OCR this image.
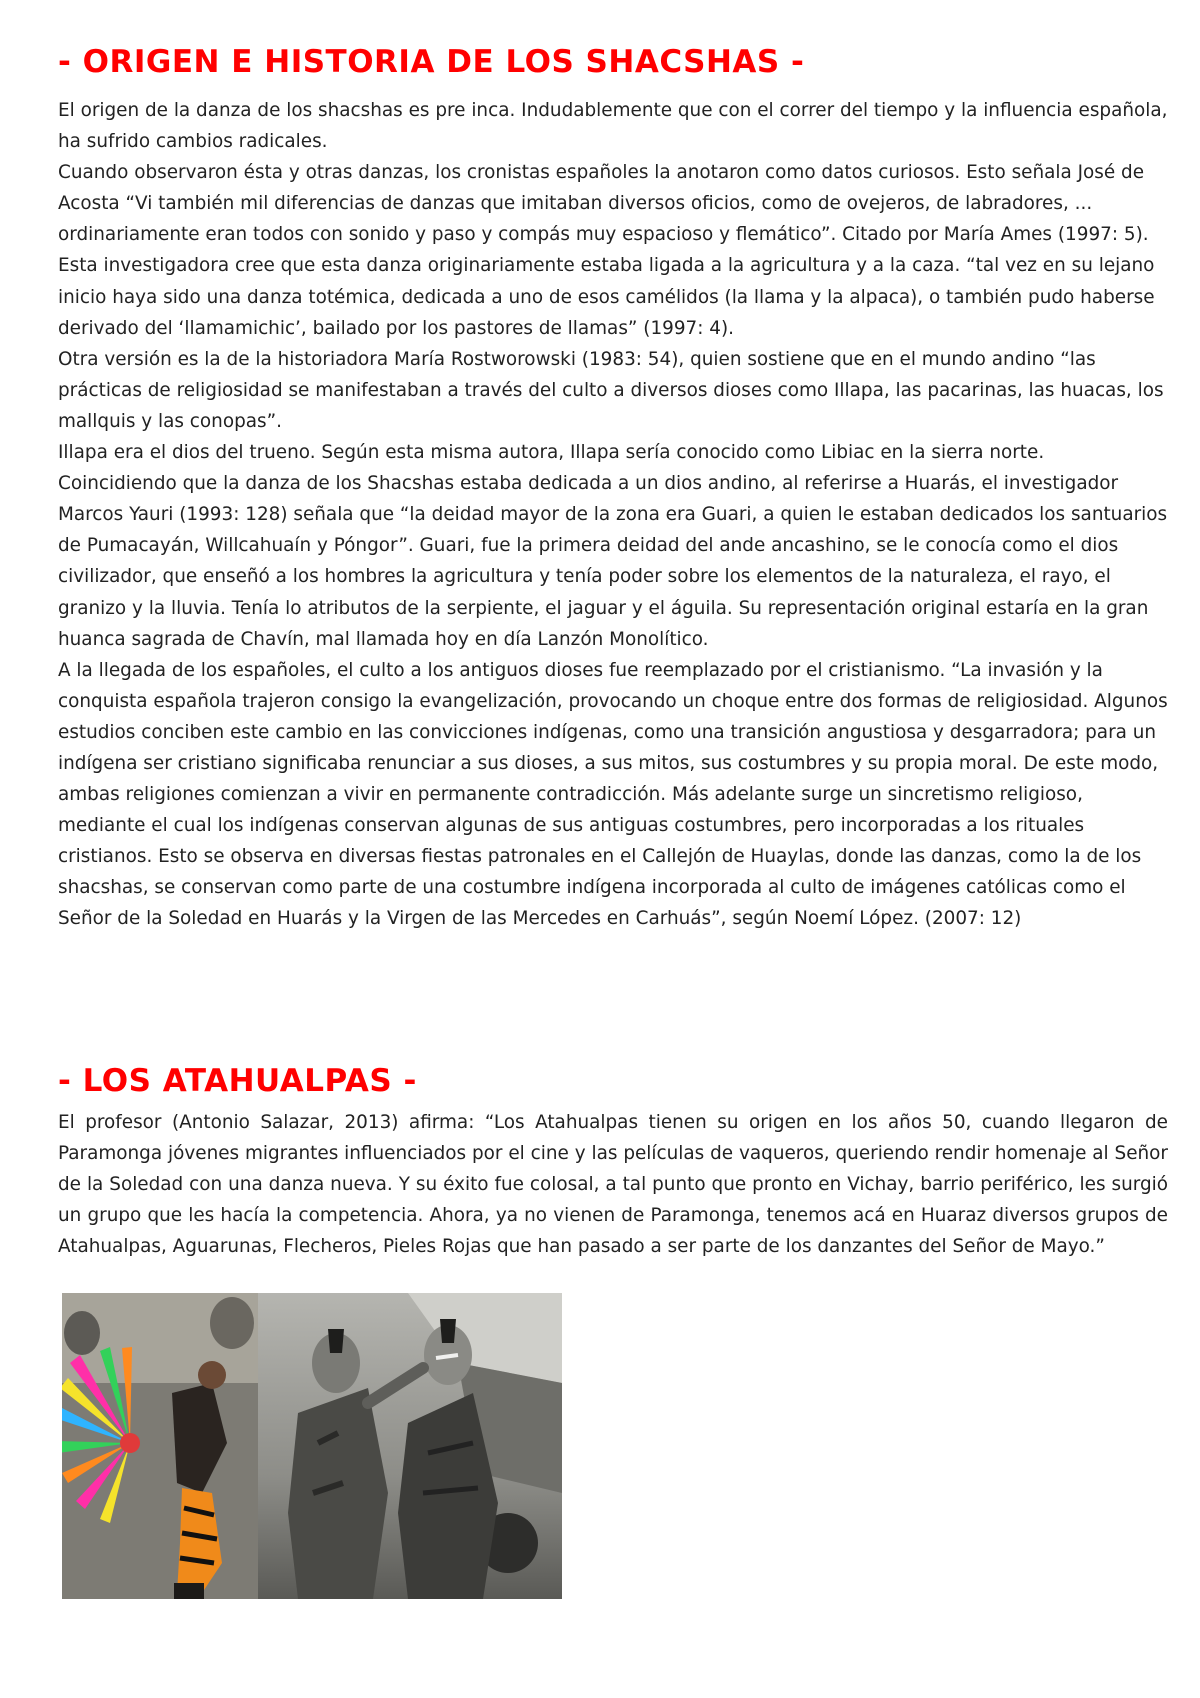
- ORIGEN E HISTORIA DE LOS SHACSHAS -

El origen de la danza de los shacshas es pre inca. Indudablemente que con el correr del tiempo y la influencia española, ha sufrido cambios radicales.

Cuando observaron ésta y otras danzas, los cronistas españoles la anotaron como datos curiosos. Esto señala José de Acosta “Vi también mil diferencias de danzas que imitaban diversos oficios, como de ovejeros, de labradores, ... ordinariamente eran todos con sonido y paso y compás muy espacioso y flemático”. Citado por María Ames (1997: 5). Esta investigadora cree que esta danza originariamente estaba ligada a la agricultura y a la caza. “tal vez en su lejano inicio haya sido una danza totémica, dedicada a uno de esos camélidos (la llama y la alpaca), o también pudo haberse derivado del ‘llamamichic’, bailado por los pastores de llamas” (1997: 4).

Otra versión es la de la historiadora María Rostworowski (1983: 54), quien sostiene que en el mundo andino “las prácticas de religiosidad se manifestaban a través del culto a diversos dioses como Illapa, las pacarinas, las huacas, los mallquis y las conopas”.

Illapa era el dios del trueno. Según esta misma autora, Illapa sería conocido como Libiac en la sierra norte. Coincidiendo que la danza de los Shacshas estaba dedicada a un dios andino, al referirse a Huarás, el investigador Marcos Yauri (1993: 128) señala que “la deidad mayor de la zona era Guari, a quien le estaban dedicados los santuarios de Pumacayán, Willcahuaín y Póngor”. Guari, fue la primera deidad del ande ancashino, se le conocía como el dios civilizador, que enseñó a los hombres la agricultura y tenía poder sobre los elementos de la naturaleza, el rayo, el granizo y la lluvia. Tenía lo atributos de la serpiente, el jaguar y el águila. Su representación original estaría en la gran huanca sagrada de Chavín, mal llamada hoy en día Lanzón Monolítico.

A la llegada de los españoles, el culto a los antiguos dioses fue reemplazado por el cristianismo. “La invasión y la conquista española trajeron consigo la evangelización, provocando un choque entre dos formas de religiosidad. Algunos estudios conciben este cambio en las convicciones indígenas, como una transición angustiosa y desgarradora; para un indígena ser cristiano significaba renunciar a sus dioses, a sus mitos, sus costumbres y su propia moral. De este modo, ambas religiones comienzan a vivir en permanente contradicción. Más adelante surge un sincretismo religioso, mediante el cual los indígenas conservan algunas de sus antiguas costumbres, pero incorporadas a los rituales cristianos. Esto se observa en diversas fiestas patronales en el Callejón de Huaylas, donde las danzas, como la de los shacshas, se conservan como parte de una costumbre indígena incorporada al culto de imágenes católicas como el Señor de la Soledad en Huarás y la Virgen de las Mercedes en Carhuás”, según Noemí López. (2007: 12)

- LOS ATAHUALPAS -
El profesor (Antonio Salazar, 2013) afirma: “Los Atahualpas tienen su origen en los años 50, cuando llegaron de Paramonga jóvenes migrantes influenciados por el cine y las películas de vaqueros, queriendo rendir homenaje al Señor de la Soledad con una danza nueva. Y su éxito fue colosal, a tal punto que pronto en Vichay, barrio periférico, les surgió un grupo que les hacía la competencia. Ahora, ya no vienen de Paramonga, tenemos acá en Huaraz diversos grupos de Atahualpas, Aguarunas, Flecheros, Pieles Rojas que han pasado a ser parte de los danzantes del Señor de Mayo.”
